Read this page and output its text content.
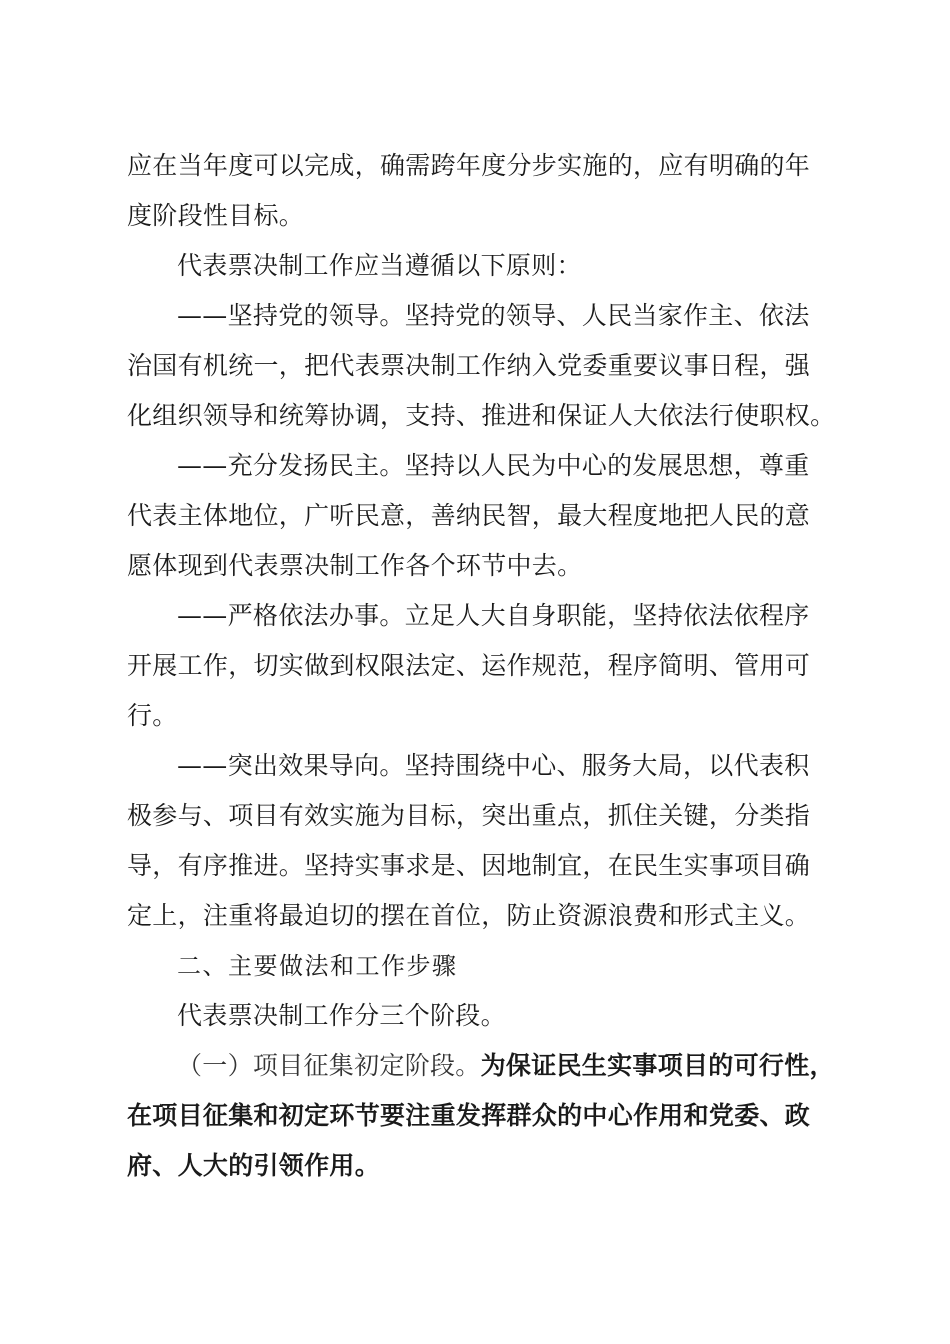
应在当年度可以完成，确需跨年度分步实施的，应有明确的年
度阶段性目标。
代表票决制工作应当遵循以下原则：
——坚持党的领导。坚持党的领导、人民当家作主、依法
治国有机统一，把代表票决制工作纳入党委重要议事日程，强
化组织领导和统筹协调，支持、推进和保证人大依法行使职权。
——充分发扬民主。坚持以人民为中心的发展思想，尊重
代表主体地位，广听民意，善纳民智，最大程度地把人民的意
愿体现到代表票决制工作各个环节中去。
——严格依法办事。立足人大自身职能，坚持依法依程序
开展工作，切实做到权限法定、运作规范，程序简明、管用可
行。
——突出效果导向。坚持围绕中心、服务大局，以代表积
极参与、项目有效实施为目标，突出重点，抓住关键，分类指
导，有序推进。坚持实事求是、因地制宜，在民生实事项目确
定上，注重将最迫切的摆在首位，防止资源浪费和形式主义。
二、主要做法和工作步骤
代表票决制工作分三个阶段。
（一）项目征集初定阶段。为保证民生实事项目的可行性，
在项目征集和初定环节要注重发挥群众的中心作用和党委、政
府、人大的引领作用。
